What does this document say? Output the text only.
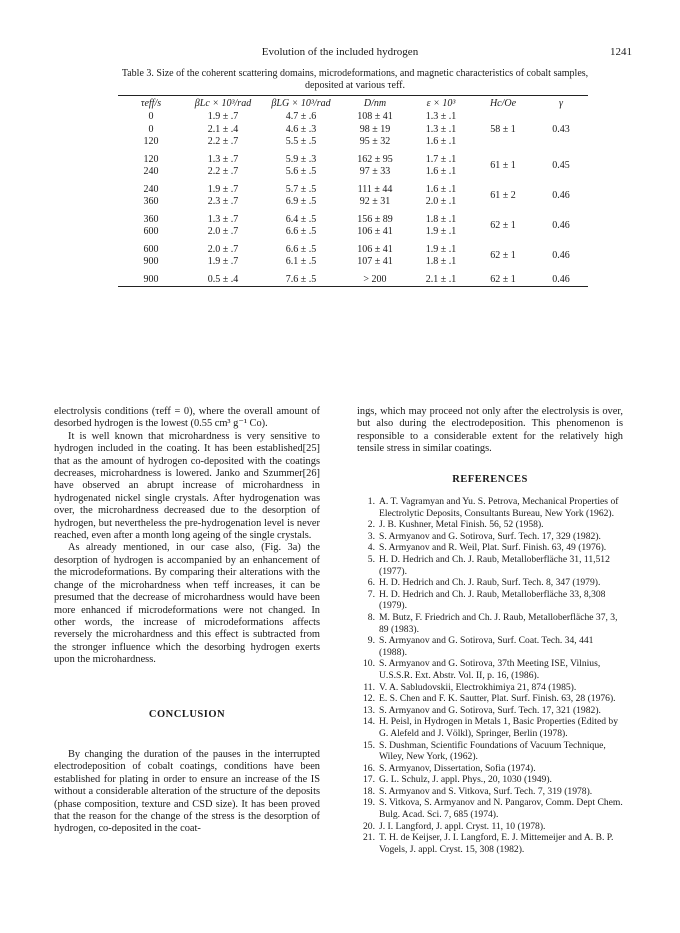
Evolution of the included hydrogen	1241
Table 3. Size of the coherent scattering domains, microdeformations, and magnetic characteristics of cobalt samples, deposited at various τeff.
τeff/s	βLc × 10³/rad	βLG × 10³/rad	D/nm	ε × 10³	Hc/Oe	γ
0	1.9 ± .7	4.7 ± .6	108 ± 41	1.3 ± .1	58 ± 1	0.43
0	2.1 ± .4	4.6 ± .3	98 ± 19	1.3 ± .1		
120	2.2 ± .7	5.5 ± .5	95 ± 32	1.6 ± .1		

120	1.3 ± .7	5.9 ± .3	162 ± 95	1.7 ± .1	61 ± 1	0.45
240	2.2 ± .7	5.6 ± .5	97 ± 33	1.6 ± .1		

240	1.9 ± .7	5.7 ± .5	111 ± 44	1.6 ± .1	61 ± 2	0.46
360	2.3 ± .7	6.9 ± .5	92 ± 31	2.0 ± .1		

360	1.3 ± .7	6.4 ± .5	156 ± 89	1.8 ± .1	62 ± 1	0.46
600	2.0 ± .7	6.6 ± .5	106 ± 41	1.9 ± .1		

600	2.0 ± .7	6.6 ± .5	106 ± 41	1.9 ± .1	62 ± 1	0.46
900	1.9 ± .7	6.1 ± .5	107 ± 41	1.8 ± .1		

900	0.5 ± .4	7.6 ± .5	> 200	2.1 ± .1	62 ± 1	0.46

electrolysis conditions (τeff = 0), where the overall amount of desorbed hydrogen is the lowest (0.55 cm³ g⁻¹ Co).

It is well known that microhardness is very sensitive to hydrogen included in the coating. It has been established[25] that as the amount of hydrogen co-deposited with the coatings decreases, microhardness is lowered. Janko and Szummer[26] have observed an abrupt increase of microhardness in hydrogenated nickel single crystals. After hydrogenation was over, the microhardness decreased due to the desorption of hydrogen, but nevertheless the pre-hydrogenation level is never reached, even after a month long ageing of the single crystals.

As already mentioned, in our case also, (Fig. 3a) the desorption of hydrogen is accompanied by an enhancement of the microdeformations. By comparing their alterations with the change of the microhardness when τeff increases, it can be presumed that the decrease of microhardness would have been more enhanced if microdeformations were not changed. In other words, the increase of microdeformations affects reversely the microhardness and this effect is subtracted from the stronger influence which the desorbing hydrogen exerts upon the microhardness.

CONCLUSION

By changing the duration of the pauses in the interrupted electrodeposition of cobalt coatings, conditions have been established for plating in order to ensure an increase of the IS without a considerable alteration of the structure of the deposits (phase composition, texture and CSD size). It has been proved that the reason for the change of the stress is the desorption of hydrogen, co-deposited in the coat-

ings, which may proceed not only after the electrolysis is over, but also during the electrodeposition. This phenomenon is responsible to a considerable extent for the relatively high tensile stress in similar coatings.

REFERENCES
1. A. T. Vagramyan and Yu. S. Petrova, Mechanical Properties of Electrolytic Deposits, Consultants Bureau, New York (1962).
2. J. B. Kushner, Metal Finish. 56, 52 (1958).
3. S. Armyanov and G. Sotirova, Surf. Tech. 17, 329 (1982).
4. S. Armyanov and R. Weil, Plat. Surf. Finish. 63, 49 (1976).
5. H. D. Hedrich and Ch. J. Raub, Metalloberfläche 31, 11,512 (1977).
6. H. D. Hedrich and Ch. J. Raub, Surf. Tech. 8, 347 (1979).
7. H. D. Hedrich and Ch. J. Raub, Metalloberfläche 33, 8,308 (1979).
8. M. Butz, F. Friedrich and Ch. J. Raub, Metalloberfläche 37, 3, 89 (1983).
9. S. Armyanov and G. Sotirova, Surf. Coat. Tech. 34, 441 (1988).
10. S. Armyanov and G. Sotirova, 37th Meeting ISE, Vilnius, U.S.S.R. Ext. Abstr. Vol. II, p. 16, (1986).
11. V. A. Sabludovskii, Electrokhimiya 21, 874 (1985).
12. E. S. Chen and F. K. Sautter, Plat. Surf. Finish. 63, 28 (1976).
13. S. Armyanov and G. Sotirova, Surf. Tech. 17, 321 (1982).
14. H. Peisl, in Hydrogen in Metals 1, Basic Properties (Edited by G. Alefeld and J. Völkl), Springer, Berlin (1978).
15. S. Dushman, Scientific Foundations of Vacuum Technique, Wiley, New York, (1962).
16. S. Armyanov, Dissertation, Sofia (1974).
17. G. L. Schulz, J. appl. Phys., 20, 1030 (1949).
18. S. Armyanov and S. Vitkova, Surf. Tech. 7, 319 (1978).
19. S. Vitkova, S. Armyanov and N. Pangarov, Comm. Dept Chem. Bulg. Acad. Sci. 7, 685 (1974).
20. J. I. Langford, J. appl. Cryst. 11, 10 (1978).
21. T. H. de Keijser, J. I. Langford, E. J. Mittemeijer and A. B. P. Vogels, J. appl. Cryst. 15, 308 (1982).
